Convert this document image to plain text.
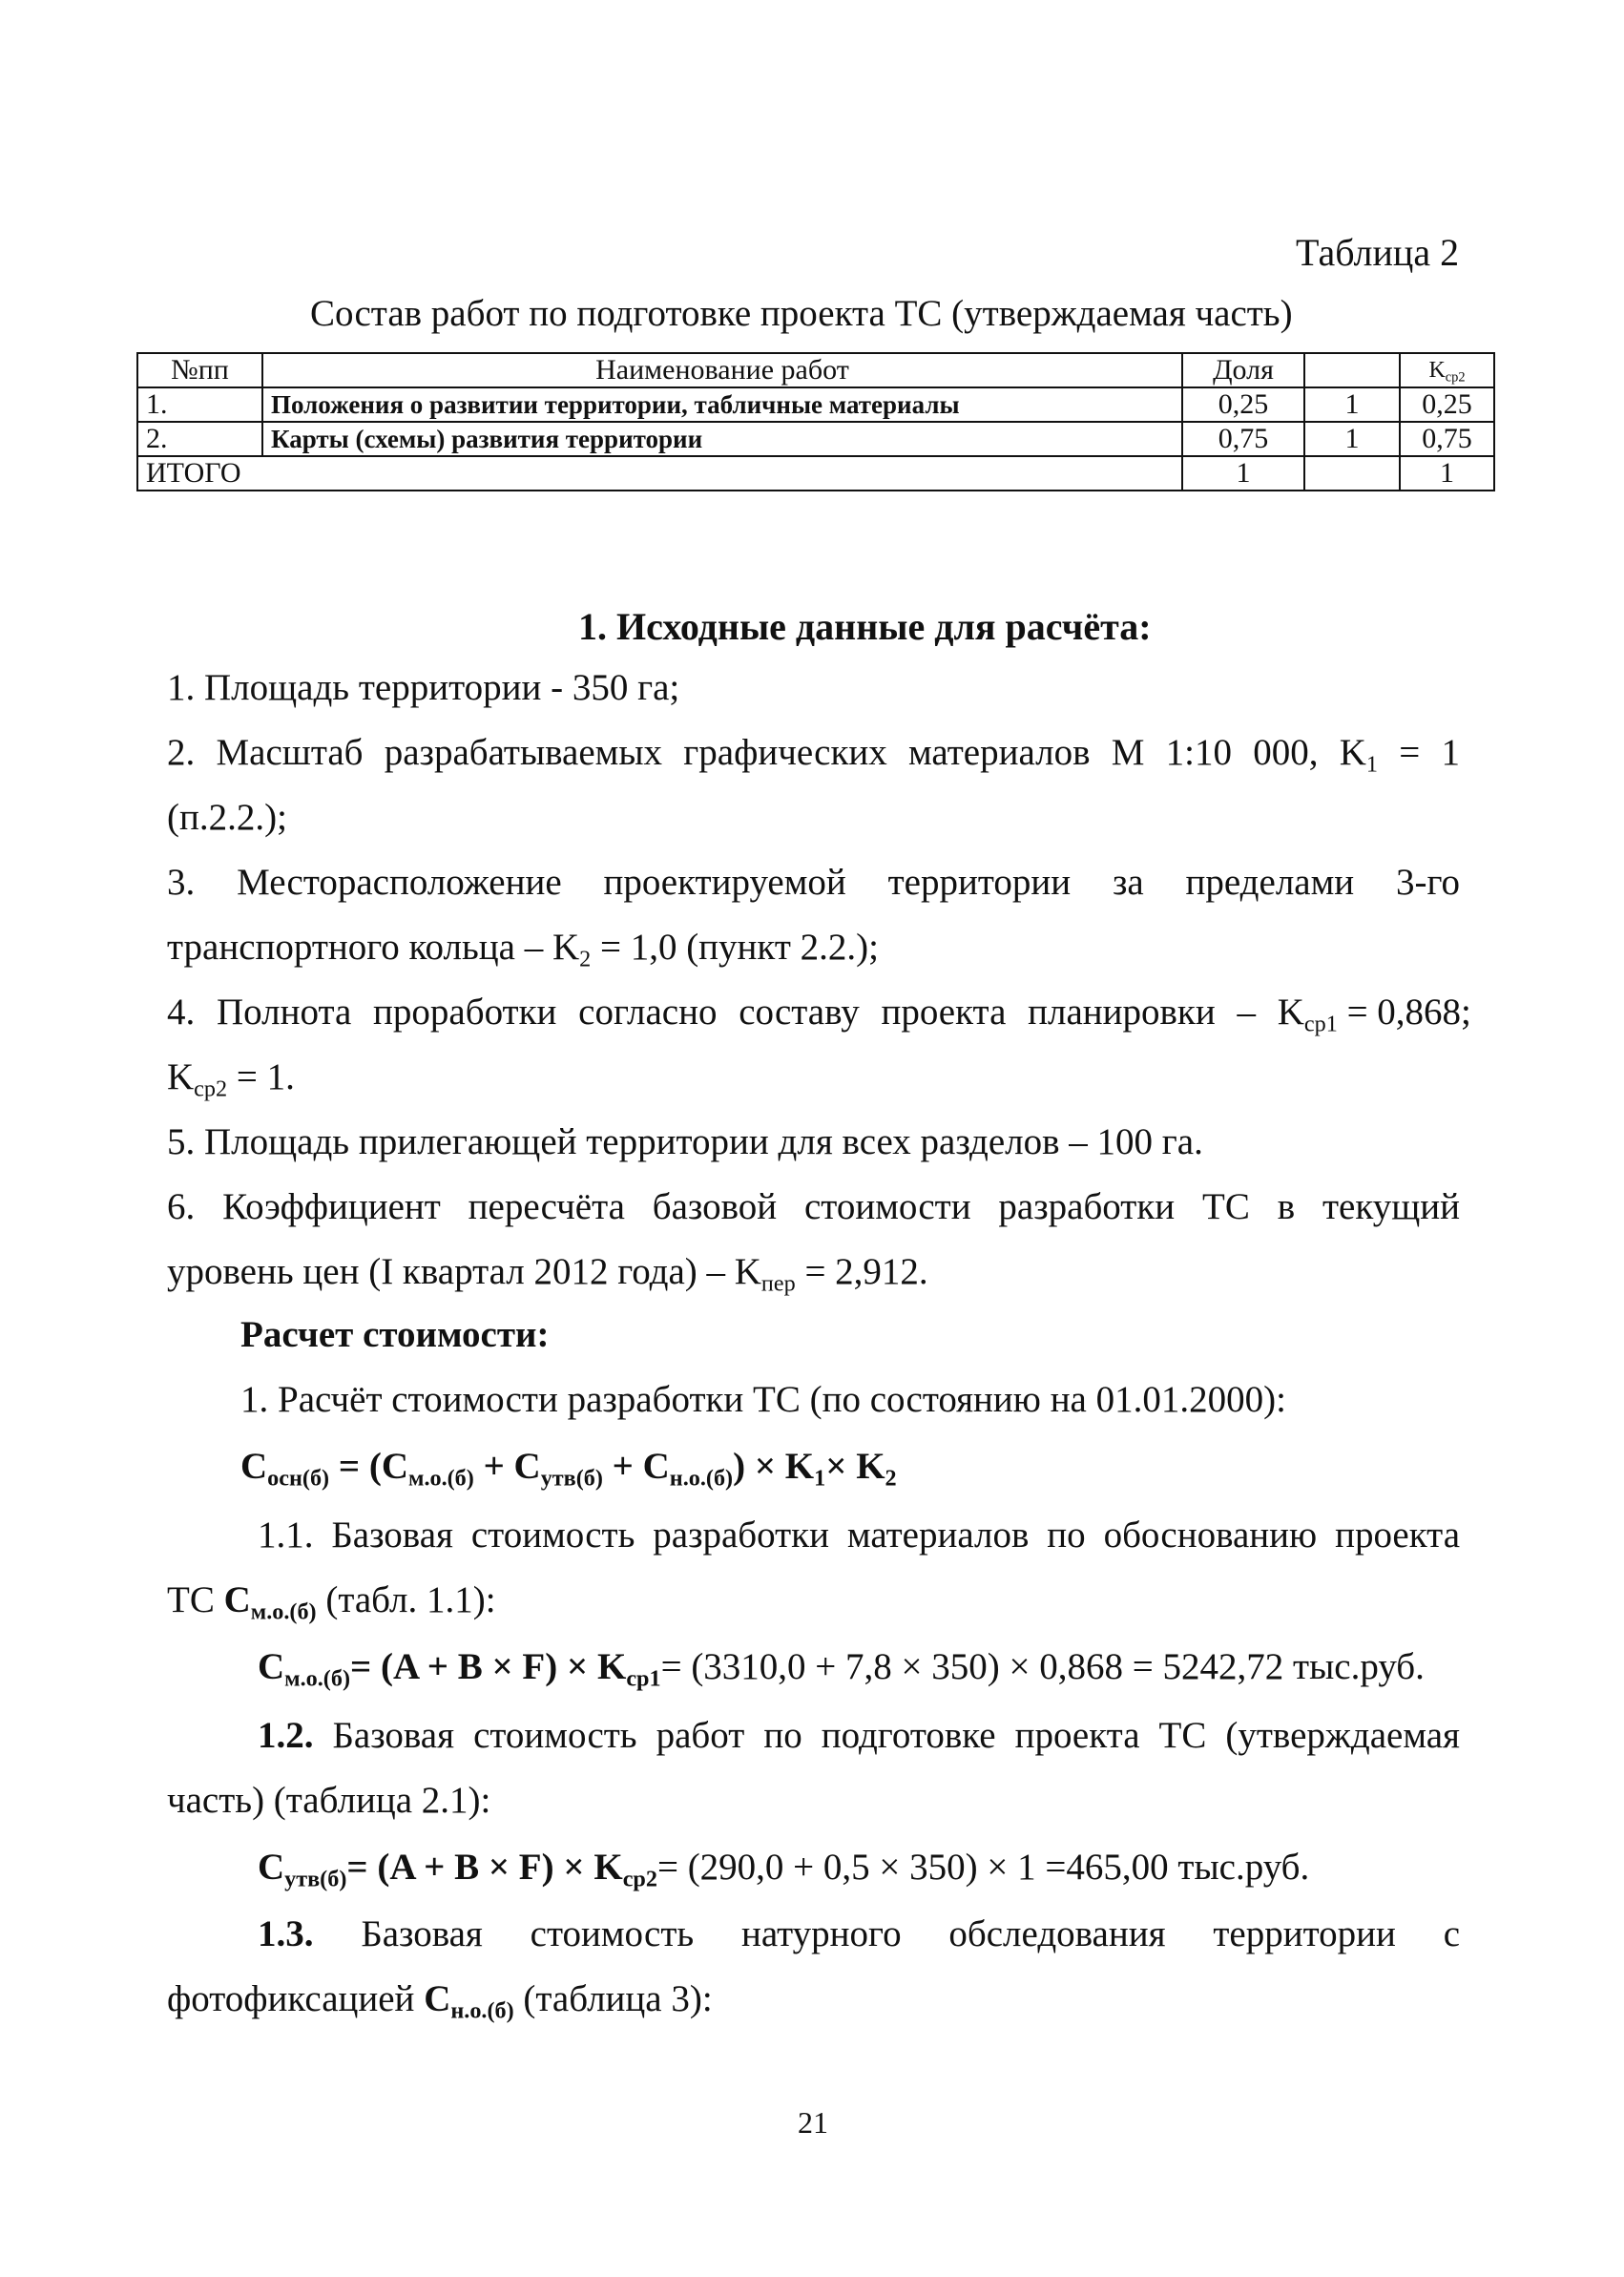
Таблица 2
Состав работ по подготовке проекта ТС (утверждаемая часть)
№пп	Наименование работ	Доля		$K_{ср2}$
1.	Положения о развитии территории, табличные материалы	0,25	1	0,25
2.	Карты (схемы) развития территории	0,75	1	0,75
ИТОГО		1		1
1. Исходные данные для расчёта:
1. Площадь территории - 350 га;
2. Масштаб разрабатываемых графических материалов М 1:10 000, $K_1 = 1$
(п.2.2.);
3. Месторасположение проектируемой территории за пределами 3-го
транспортного кольца – $K_2 = 1,0$ (пункт 2.2.);
4. Полнота проработки согласно составу проекта планировки – $K_{ср1} = 0,868$;
$K_{ср2} = 1$.
5. Площадь прилегающей территории для всех разделов – 100 га.
6. Коэффициент пересчёта базовой стоимости разработки ТС в текущий
уровень цен (I квартал 2012 года) – $K_{пер} = 2,912$.
Расчет стоимости:
1. Расчёт стоимости разработки ТС (по состоянию на 01.01.2000):
$C_{осн(б)} = (C_{м.о.(б)} + C_{утв(б)} + C_{н.о.(б)}) \times K_1\times K_2$
1.1. Базовая стоимость разработки материалов по обоснованию проекта
ТС $C_{м.о.(б)}$ (табл. 1.1):
$C_{м.о.(б)}= (A + B \times F) \times K_{ср1}= (3310,0 + 7,8 \times 350) \times 0,868 = 5242,72$ тыс.руб.
1.2. Базовая стоимость работ по подготовке проекта ТС (утверждаемая
часть) (таблица 2.1):
$C_{утв(б)}= (A + B \times F) \times K_{ср2}= (290,0 + 0,5 \times 350) \times 1 =465,00$ тыс.руб.
1.3. Базовая стоимость натурного обследования территории с
фотофиксацией $C_{н.о.(б)}$ (таблица 3):
21
